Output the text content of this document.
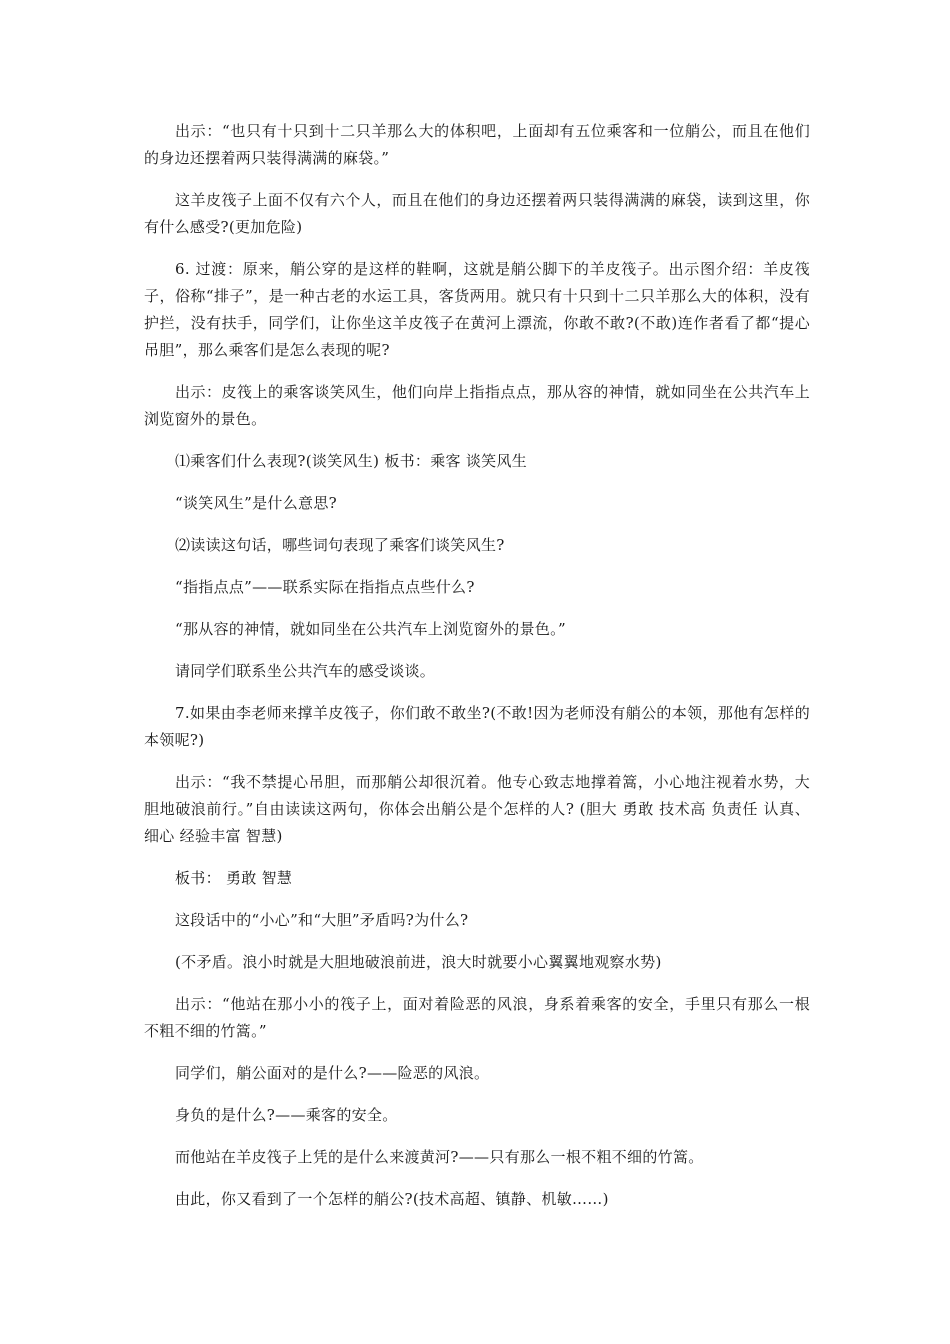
出示：“也只有十只到十二只羊那么大的体积吧，上面却有五位乘客和一位艄公，而且在他们的身边还摆着两只装得满满的麻袋。”

这羊皮筏子上面不仅有六个人，而且在他们的身边还摆着两只装得满满的麻袋，读到这里，你有什么感受?(更加危险)

6. 过渡：原来，艄公穿的是这样的鞋啊，这就是艄公脚下的羊皮筏子。出示图介绍：羊皮筏子，俗称“排子”，是一种古老的水运工具，客货两用。就只有十只到十二只羊那么大的体积，没有护拦，没有扶手，同学们，让你坐这羊皮筏子在黄河上漂流，你敢不敢?(不敢)连作者看了都“提心吊胆”，那么乘客们是怎么表现的呢?

出示：皮筏上的乘客谈笑风生，他们向岸上指指点点，那从容的神情，就如同坐在公共汽车上浏览窗外的景色。

⑴乘客们什么表现?(谈笑风生) 板书：乘客 谈笑风生

“谈笑风生”是什么意思?

⑵读读这句话，哪些词句表现了乘客们谈笑风生?

“指指点点”——联系实际在指指点点些什么?

“那从容的神情，就如同坐在公共汽车上浏览窗外的景色。”

请同学们联系坐公共汽车的感受谈谈。

7.如果由李老师来撑羊皮筏子，你们敢不敢坐?(不敢!因为老师没有艄公的本领，那他有怎样的本领呢?)

出示：“我不禁提心吊胆，而那艄公却很沉着。他专心致志地撑着篙，小心地注视着水势，大胆地破浪前行。”自由读读这两句，你体会出艄公是个怎样的人? (胆大 勇敢 技术高 负责任 认真、细心 经验丰富 智慧)

板书： 勇敢 智慧

这段话中的“小心”和“大胆”矛盾吗?为什么?

(不矛盾。浪小时就是大胆地破浪前进，浪大时就要小心翼翼地观察水势)

出示：“他站在那小小的筏子上，面对着险恶的风浪，身系着乘客的安全，手里只有那么一根不粗不细的竹篙。”

同学们，艄公面对的是什么?——险恶的风浪。

身负的是什么?——乘客的安全。

而他站在羊皮筏子上凭的是什么来渡黄河?——只有那么一根不粗不细的竹篙。

由此，你又看到了一个怎样的艄公?(技术高超、镇静、机敏……)
